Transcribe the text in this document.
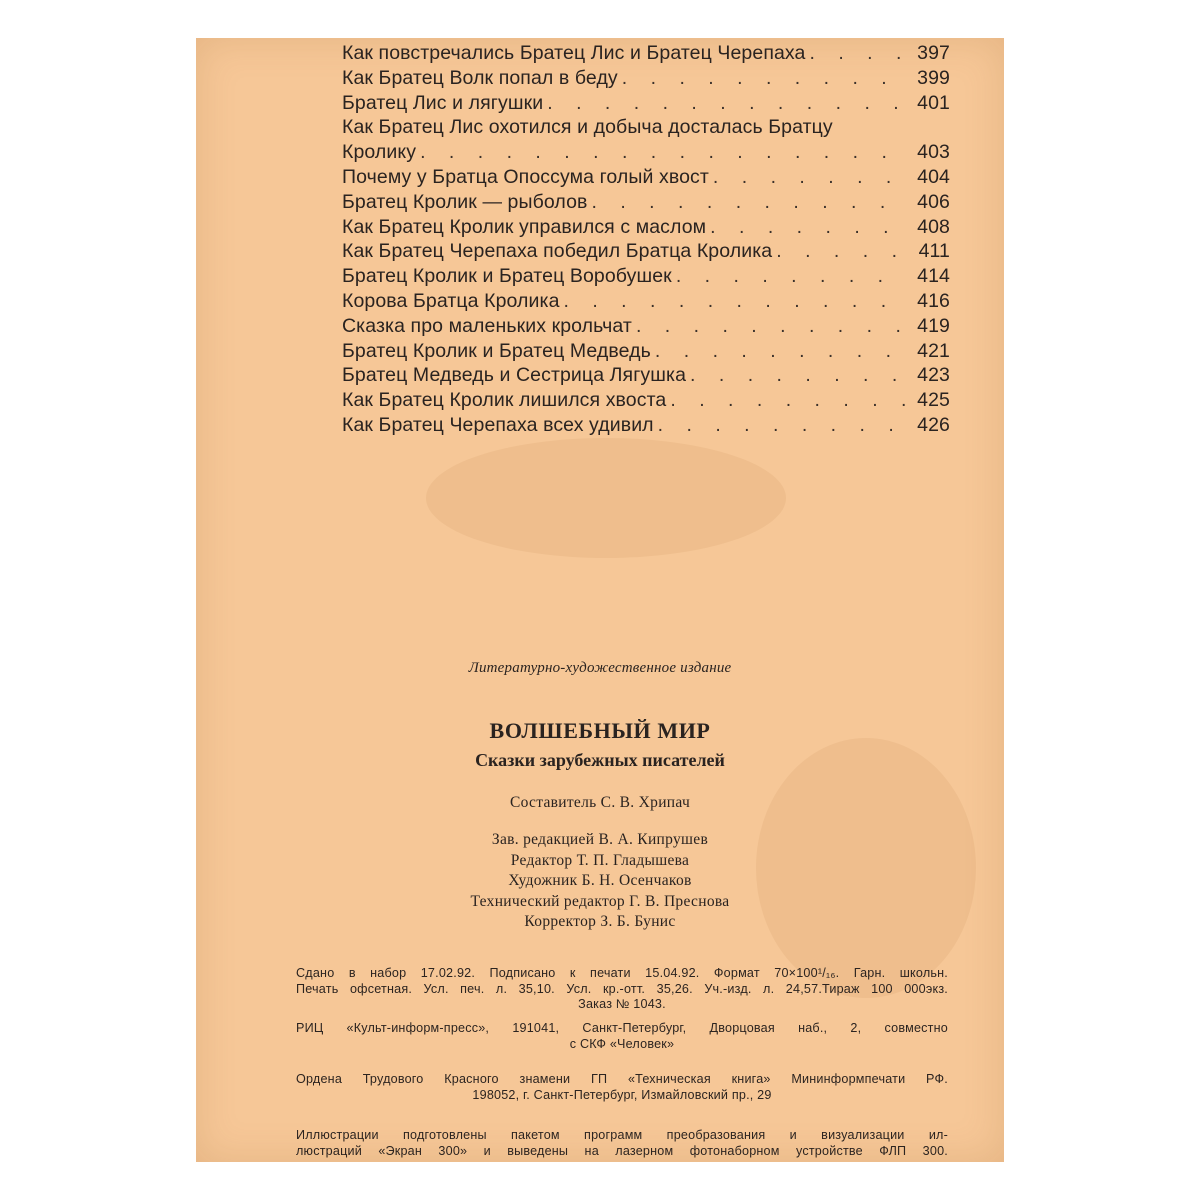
Как повстречались Братец Лис и Братец Черепаха . . .	397
Как Братец Волк попал в беду . . .	399
Братец Лис и лягушки . . .	401
Как Братец Лис охотился и добыча досталась Братцу
Кролику . . .	403
Почему у Братца Опоссума голый хвост . . .	404
Братец Кролик — рыболов . . .	406
Как Братец Кролик управился с маслом . . .	408
Как Братец Черепаха победил Братца Кролика . . .	411
Братец Кролик и Братец Воробушек . . .	414
Корова Братца Кролика . . .	416
Сказка про маленьких крольчат . . .	419
Братец Кролик и Братец Медведь . . .	421
Братец Медведь и Сестрица Лягушка . . .	423
Как Братец Кролик лишился хвоста . . .	425
Как Братец Черепаха всех удивил . . .	426
Литературно-художественное издание
ВОЛШЕБНЫЙ МИР
Сказки зарубежных писателей
Составитель С. В. Хрипач
Зав. редакцией В. А. Кипрушев
Редактор Т. П. Гладышева
Художник Б. Н. Осенчаков
Технический редактор Г. В. Преснова
Корректор З. Б. Бунис
Сдано в набор 17.02.92. Подписано к печати 15.04.92. Формат 70×100¹/₁₆. Гарн. школьн.
Печать офсетная. Усл. печ. л. 35,10. Усл. кр.-отт. 35,26. Уч.-изд. л. 24,57.Тираж 100 000экз.
Заказ № 1043.
РИЦ «Культ-информ-пресс», 191041, Санкт-Петербург, Дворцовая наб., 2, совместно
с СКФ «Человек»
Ордена Трудового Красного знамени ГП «Техническая книга» Мининформпечати РФ.
198052, г. Санкт-Петербург, Измайловский пр., 29
Иллюстрации подготовлены пакетом программ преобразования и визуализации ил-
люстраций «Экран 300» и выведены на лазерном фотонаборном устройстве ФЛП 300.
